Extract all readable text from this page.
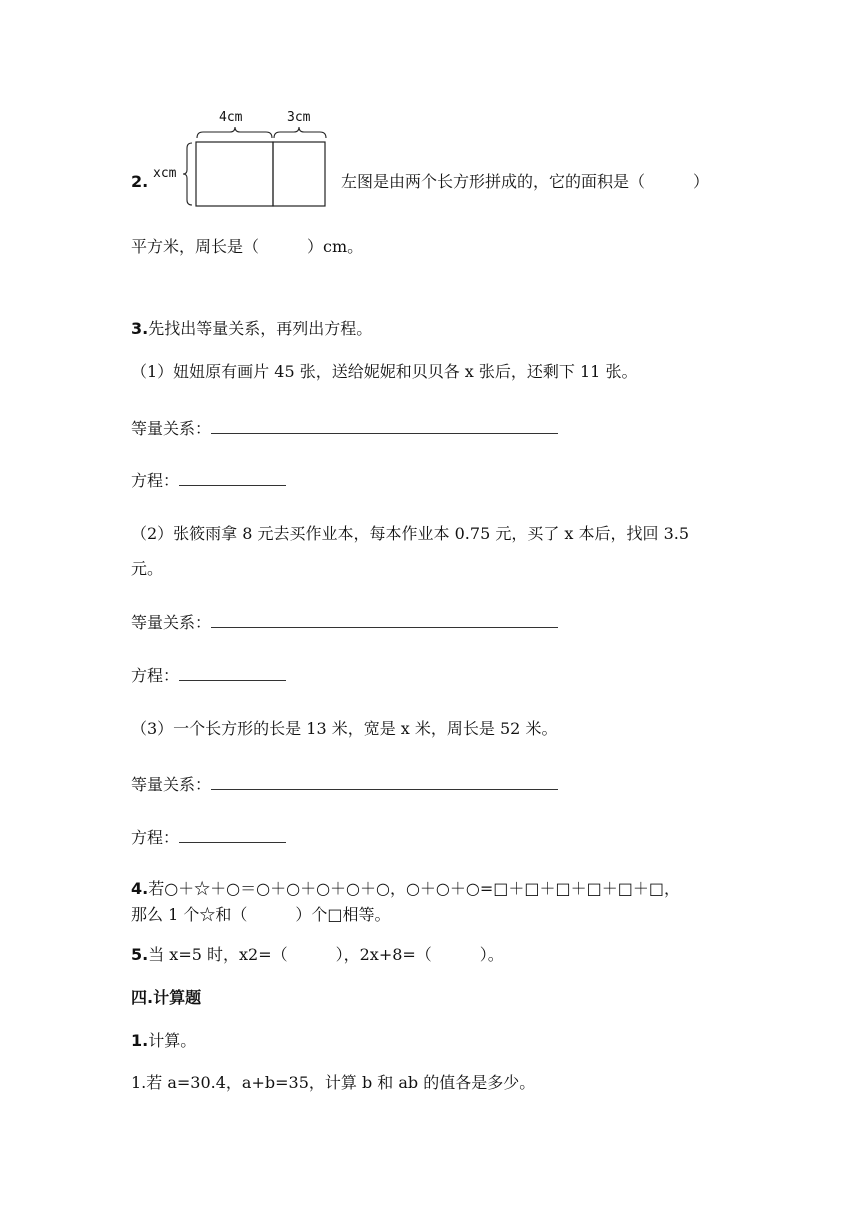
2.
4cm	3cm
xcm	左图是由两个长方形拼成的，它的面积是（　　　）
平方米，周长是（　　　）cm。
3.先找出等量关系，再列出方程。
（1）妞妞原有画片 45 张，送给妮妮和贝贝各 x 张后，还剩下 11 张。
等量关系：
方程：
（2）张筱雨拿 8 元去买作业本，每本作业本 0.75 元，买了 x 本后，找回 3.5
元。
等量关系：
方程：
（3）一个长方形的长是 13 米，宽是 x 米，周长是 52 米。
等量关系：
方程：
4.若○＋☆＋○＝○＋○＋○＋○＋○，○＋○＋○=□＋□＋□＋□＋□＋□，
那么 1 个☆和（　　　）个□相等。
5.当 x=5 时，x2=（　　　），2x+8=（　　　）。
四.计算题
1.计算。
1.若 a=30.4，a+b=35，计算 b 和 ab 的值各是多少。
